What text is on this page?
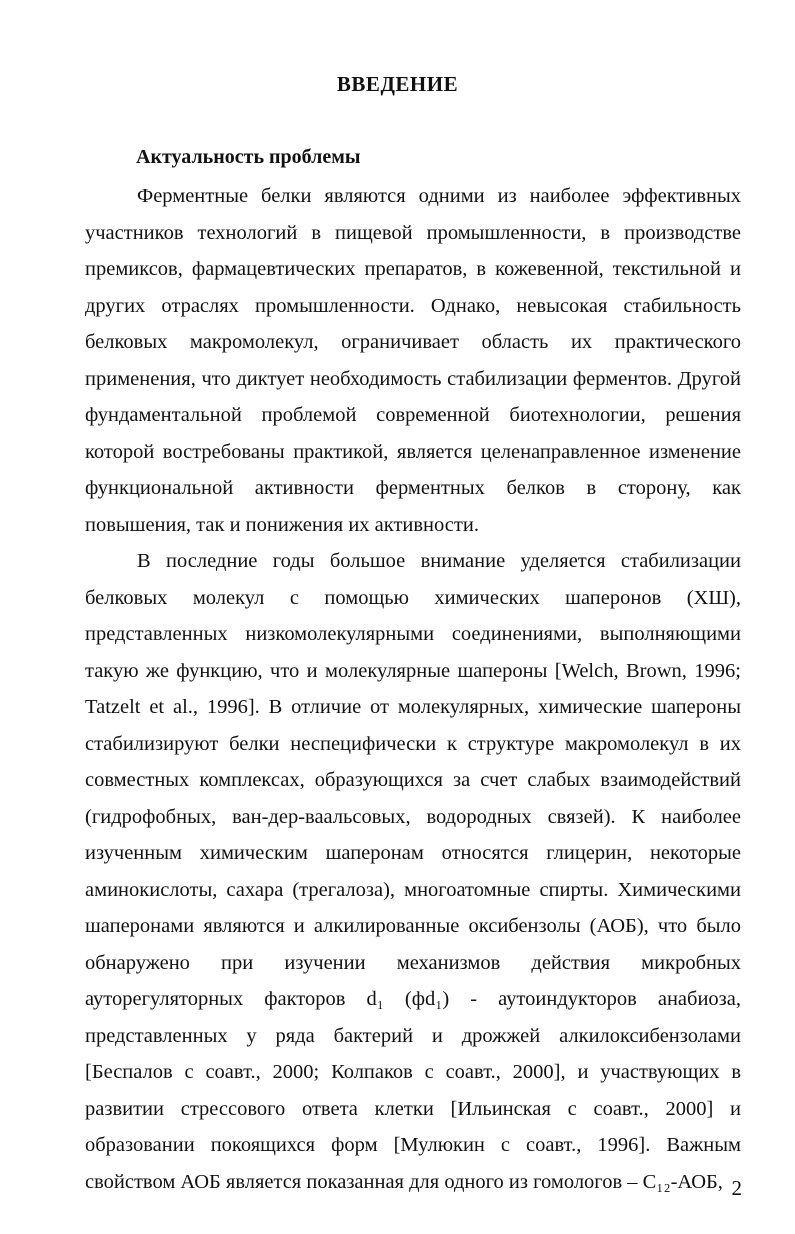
ВВЕДЕНИЕ
Актуальность проблемы

Ферментные белки являются одними из наиболее эффективных участников технологий в пищевой промышленности, в производстве премиксов, фармацевтических препаратов, в кожевенной, текстильной и других отраслях промышленности. Однако, невысокая стабильность белковых макромолекул, ограничивает область их практического применения, что диктует необходимость стабилизации ферментов. Другой фундаментальной проблемой современной биотехнологии, решения которой востребованы практикой, является целенаправленное изменение функциональной активности ферментных белков в сторону, как повышения, так и понижения их активности.

В последние годы большое внимание уделяется стабилизации белковых молекул с помощью химических шаперонов (ХШ), представленных низкомолекулярными соединениями, выполняющими такую же функцию, что и молекулярные шапероны [Welch, Brown, 1996; Tatzelt et al., 1996]. В отличие от молекулярных, химические шапероны стабилизируют белки неспецифически к структуре макромолекул в их совместных комплексах, образующихся за счет слабых взаимодействий (гидрофобных, ван-дер-ваальсовых, водородных связей). К наиболее изученным химическим шаперонам относятся глицерин, некоторые аминокислоты, сахара (трегалоза), многоатомные спирты. Химическими шаперонами являются и алкилированные оксибензолы (АОБ), что было обнаружено при изучении механизмов действия микробных ауторегуляторных факторов d₁ (фd₁) - аутоиндукторов анабиоза, представленных у ряда бактерий и дрожжей алкилоксибензолами [Беспалов с соавт., 2000; Колпаков с соавт., 2000], и участвующих в развитии стрессового ответа клетки [Ильинская с соавт., 2000] и образовании покоящихся форм [Мулюкин с соавт., 1996]. Важным свойством АОБ является показанная для одного из гомологов – C₁₂-АОБ, 2
